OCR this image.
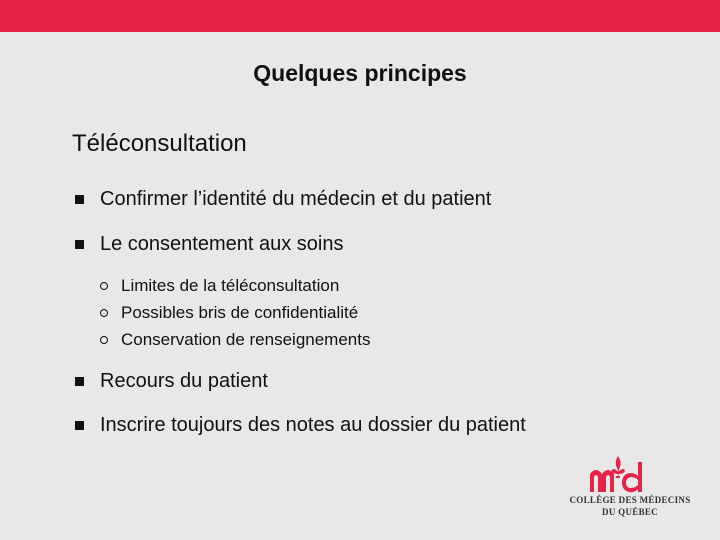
Quelques principes
Téléconsultation
Confirmer l’identité du médecin et du patient
Le consentement aux soins
Limites de la téléconsultation
Possibles bris de confidentialité
Conservation de renseignements
Recours du patient
Inscrire toujours des notes au dossier du patient
COLLÈGE DES MÉDECINS
DU QUÉBEC
